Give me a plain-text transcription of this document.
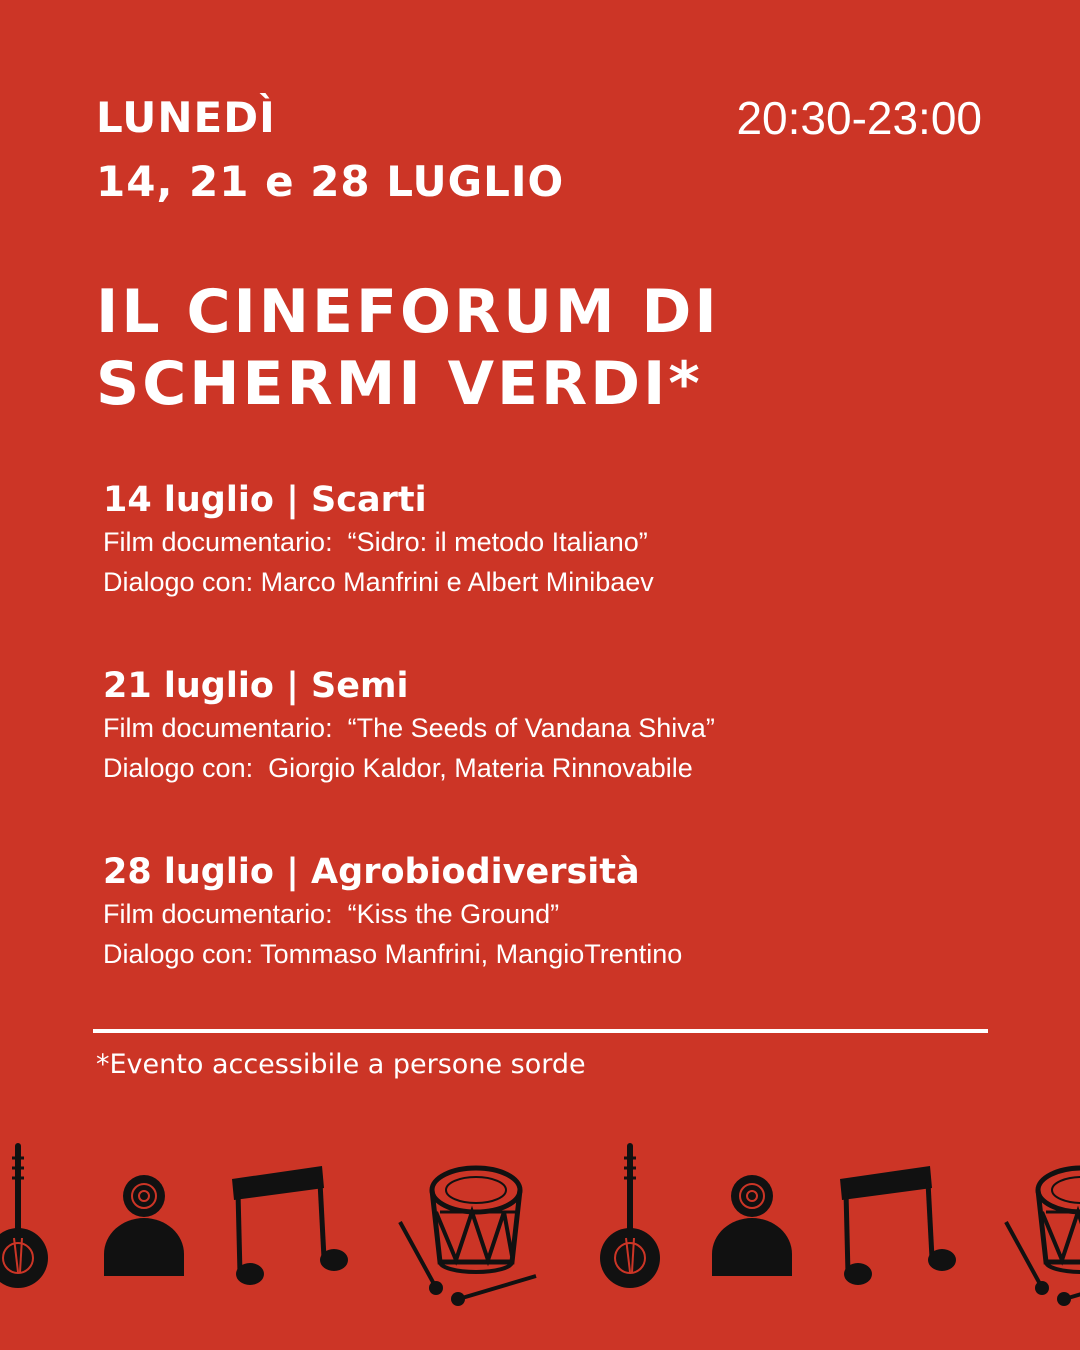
LUNEDÌ

14, 21 e 28 LUGLIO

20:30-23:00
IL CINEFORUM DI
SCHERMI VERDI*

14 luglio | Scarti

Film documentario:  “Sidro: il metodo Italiano”

Dialogo con: Marco Manfrini e Albert Minibaev

21 luglio | Semi

Film documentario:  “The Seeds of Vandana Shiva”

Dialogo con:  Giorgio Kaldor, Materia Rinnovabile

28 luglio | Agrobiodiversità

Film documentario:  “Kiss the Ground”

Dialogo con: Tommaso Manfrini, MangioTrentino

*Evento accessibile a persone sorde
